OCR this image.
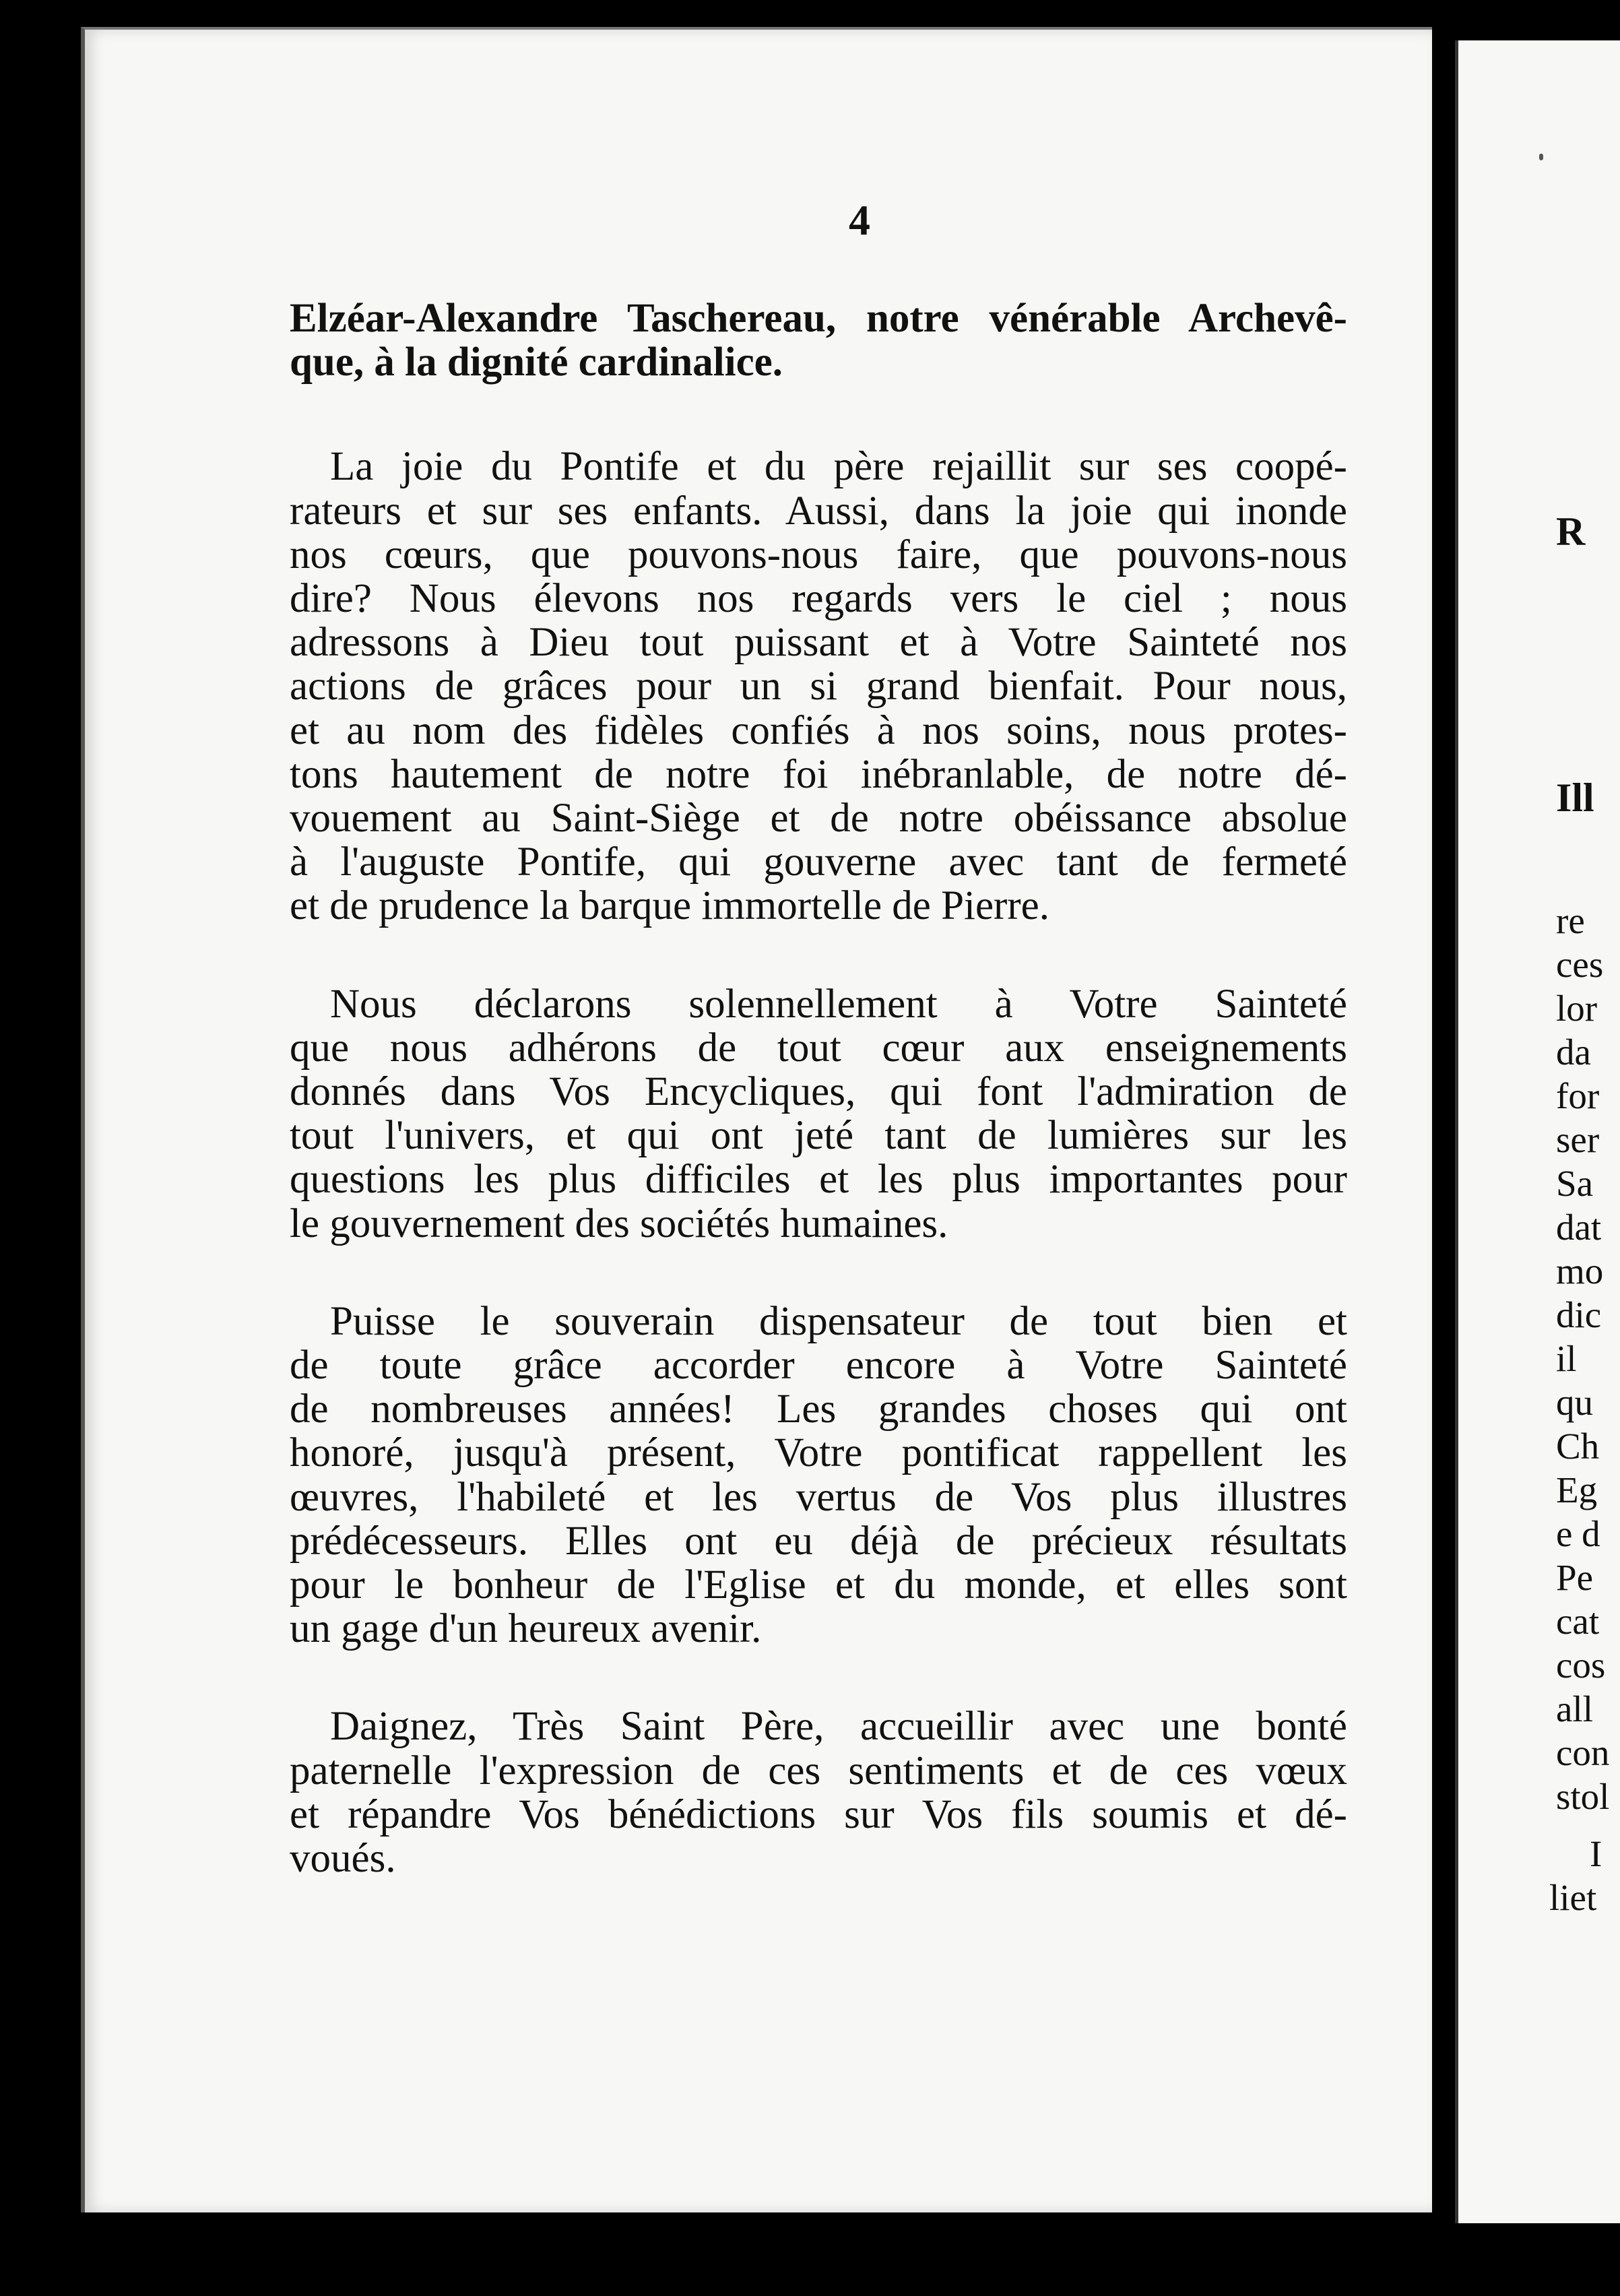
4

Elzéar-Alexandre Taschereau, notre vénérable Archevê-
que, à la dignité cardinalice.

La joie du Pontife et du père rejaillit sur ses coopé-
rateurs et sur ses enfants. Aussi, dans la joie qui inonde
nos cœurs, que pouvons-nous faire, que pouvons-nous
dire? Nous élevons nos regards vers le ciel ; nous
adressons à Dieu tout puissant et à Votre Sainteté nos
actions de grâces pour un si grand bienfait. Pour nous,
et au nom des fidèles confiés à nos soins, nous protes-
tons hautement de notre foi inébranlable, de notre dé-
vouement au Saint-Siège et de notre obéissance absolue
à l'auguste Pontife, qui gouverne avec tant de fermeté
et de prudence la barque immortelle de Pierre.

Nous déclarons solennellement à Votre Sainteté
que nous adhérons de tout cœur aux enseignements
donnés dans Vos Encycliques, qui font l'admiration de
tout l'univers, et qui ont jeté tant de lumières sur les
questions les plus difficiles et les plus importantes pour
le gouvernement des sociétés humaines.

Puisse le souverain dispensateur de tout bien et
de toute grâce accorder encore à Votre Sainteté
de nombreuses années! Les grandes choses qui ont
honoré, jusqu'à présent, Votre pontificat rappellent les
œuvres, l'habileté et les vertus de Vos plus illustres
prédécesseurs. Elles ont eu déjà de précieux résultats
pour le bonheur de l'Eglise et du monde, et elles sont
un gage d'un heureux avenir.

Daignez, Très Saint Père, accueillir avec une bonté
paternelle l'expression de ces sentiments et de ces vœux
et répandre Vos bénédictions sur Vos fils soumis et dé-
voués.

R
Ill
re
ces
lor
da
for
ser
Sa
dat
mo
dic
il
qu
Ch
Eg
e d
Pe
cat
cos
all
con
stol
I
liet
